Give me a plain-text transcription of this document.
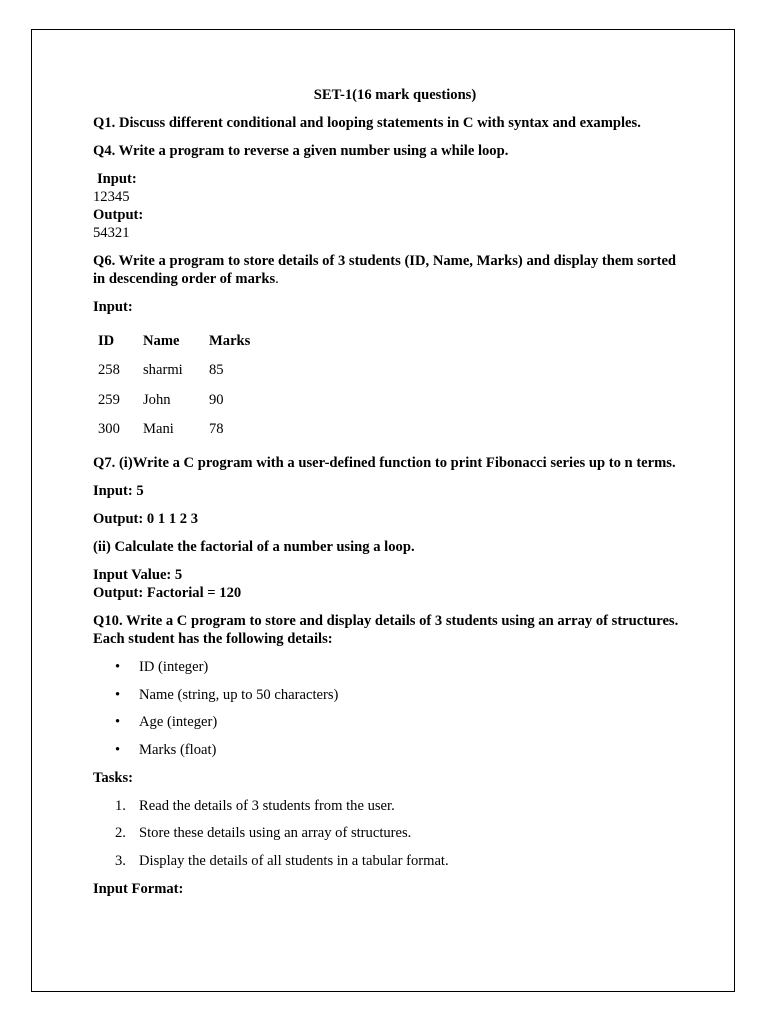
SET-1(16 mark questions)

Q1. Discuss different conditional and looping statements in C with syntax and examples.

Q4. Write a program to reverse a given number using a while loop.

Input:

12345

Output:

54321

Q6. Write a program to store details of 3 students (ID, Name, Marks) and display them sorted in descending order of marks.

Input:

ID	Name	Marks
258	sharmi	85
259	John	90
300	Mani	78

Q7. (i)Write a C program with a user-defined function to print Fibonacci series up to n terms.

Input: 5

Output: 0 1 1 2 3

(ii) Calculate the factorial of a number using a loop.

Input Value: 5

Output: Factorial = 120

Q10. Write a C program to store and display details of 3 students using an array of structures. Each student has the following details:

• ID (integer)
• Name (string, up to 50 characters)
• Age (integer)
• Marks (float)

Tasks:

1. Read the details of 3 students from the user.
2. Store these details using an array of structures.
3. Display the details of all students in a tabular format.

Input Format:
